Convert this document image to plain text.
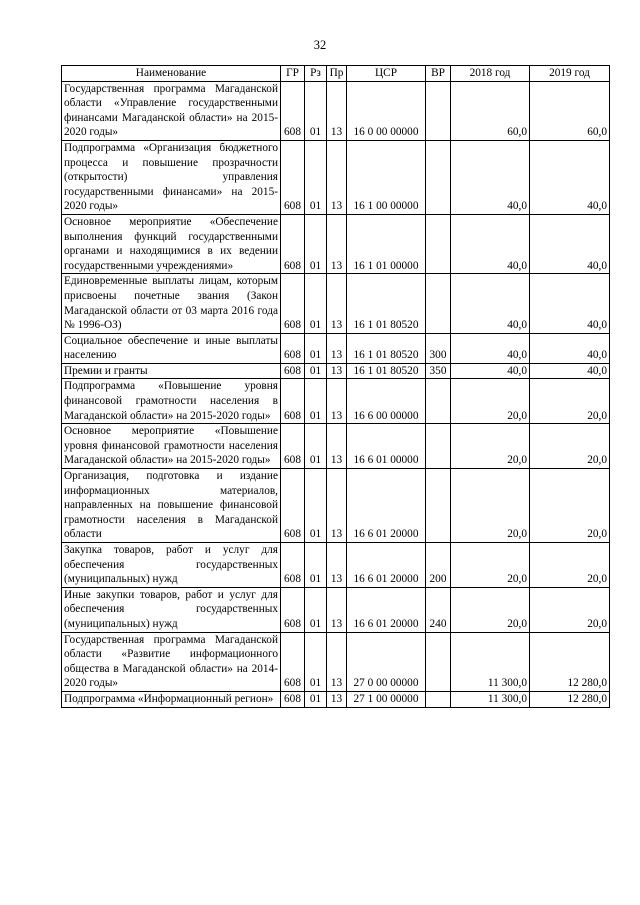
32
Наименование	ГР	Рз	Пр	ЦСР	ВР	2018 год	2019 год
Государственная программа Магаданской области «Управление государственными финансами Магаданской области» на 2015-2020 годы»	608	01	13	16 0 00 00000		60,0	60,0
Подпрограмма «Организация бюджетного процесса и повышение прозрачности (открытости) управления государственными финансами» на 2015-2020 годы»	608	01	13	16 1 00 00000		40,0	40,0
Основное мероприятие «Обеспечение выполнения функций государственными органами и находящимися в их ведении государственными учреждениями»	608	01	13	16 1 01 00000		40,0	40,0
Единовременные выплаты лицам, которым присвоены почетные звания (Закон Магаданской области от 03 марта 2016 года № 1996-ОЗ)	608	01	13	16 1 01 80520		40,0	40,0
Социальное обеспечение и иные выплаты населению	608	01	13	16 1 01 80520	300	40,0	40,0
Премии и гранты	608	01	13	16 1 01 80520	350	40,0	40,0
Подпрограмма «Повышение уровня финансовой грамотности населения в Магаданской области» на 2015-2020 годы»	608	01	13	16 6 00 00000		20,0	20,0
Основное мероприятие «Повышение уровня финансовой грамотности населения Магаданской области» на 2015-2020 годы»	608	01	13	16 6 01 00000		20,0	20,0
Организация, подготовка и издание информационных материалов, направленных на повышение финансовой грамотности населения в Магаданской области	608	01	13	16 6 01 20000		20,0	20,0
Закупка товаров, работ и услуг для обеспечения государственных (муниципальных) нужд	608	01	13	16 6 01 20000	200	20,0	20,0
Иные закупки товаров, работ и услуг для обеспечения государственных (муниципальных) нужд	608	01	13	16 6 01 20000	240	20,0	20,0
Государственная программа Магаданской области «Развитие информационного общества в Магаданской области» на 2014-2020 годы»	608	01	13	27 0 00 00000		11 300,0	12 280,0
Подпрограмма «Информационный регион»	608	01	13	27 1 00 00000		11 300,0	12 280,0
